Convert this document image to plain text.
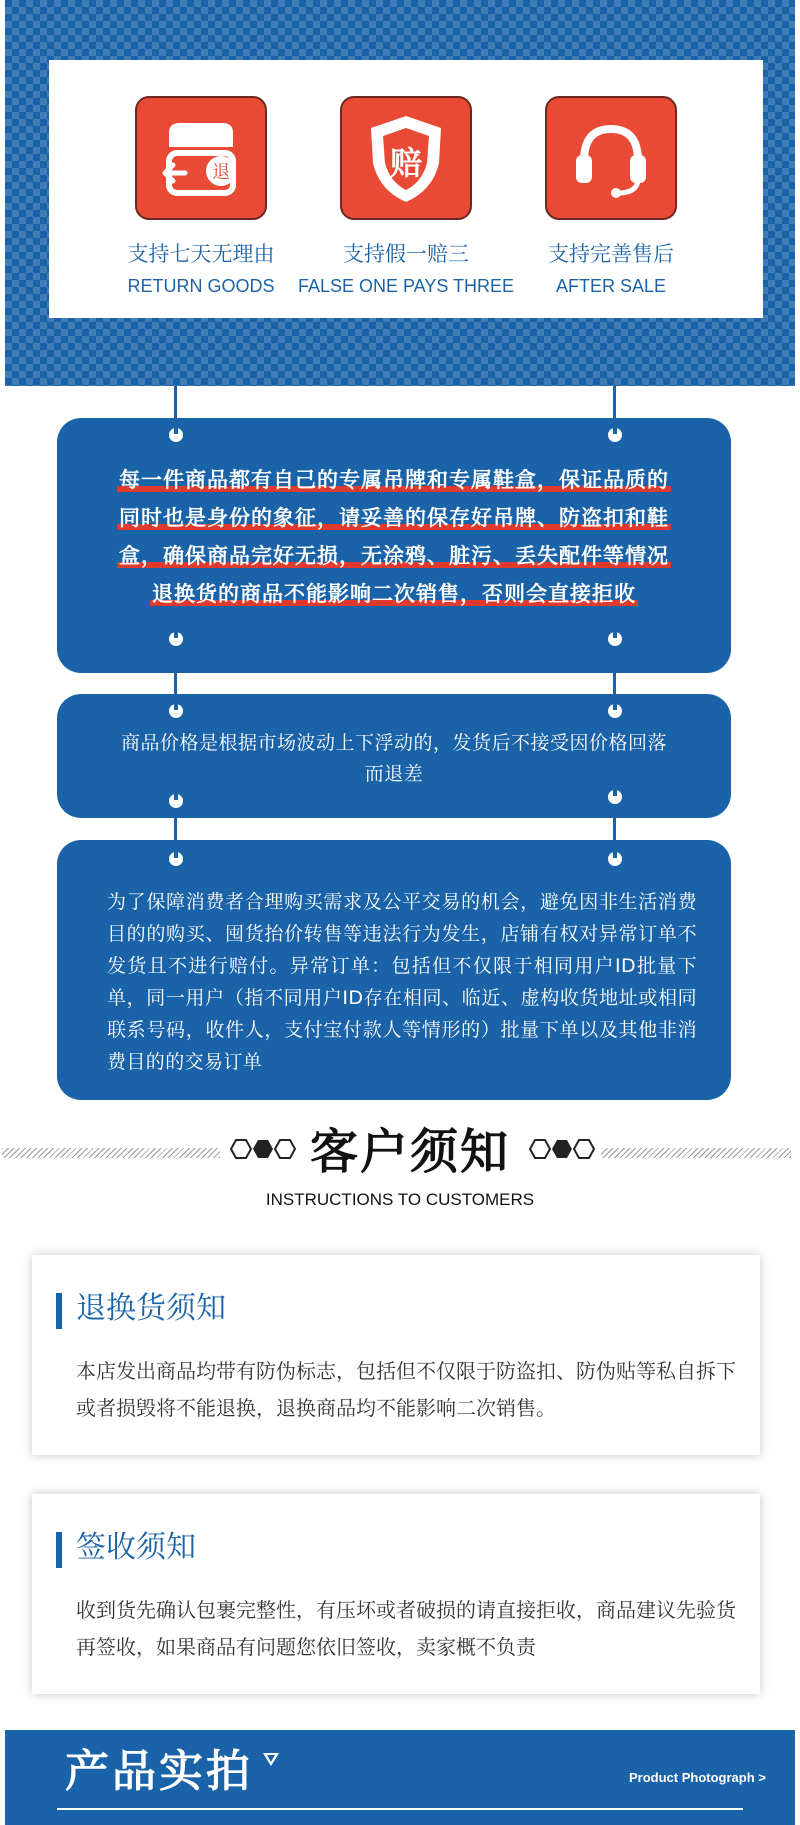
退
支持七天无理由
RETURN GOODS
赔
支持假一赔三
FALSE ONE PAYS THREE
支持完善售后
AFTER SALE
每一件商品都有自己的专属吊牌和专属鞋盒，保证品质的
同时也是身份的象征，请妥善的保存好吊牌、防盗扣和鞋
盒，确保商品完好无损，无涂鸦、脏污、丢失配件等情况
退换货的商品不能影响二次销售，否则会直接拒收
商品价格是根据市场波动上下浮动的，发货后不接受因价格回落而退差
为了保障消费者合理购买需求及公平交易的机会，避免因非生活消费目的的购买、囤货抬价转售等违法行为发生，店铺有权对异常订单不发货且不进行赔付。异常订单：包括但不仅限于相同用户ID批量下单，同一用户（指不同用户ID存在相同、临近、虚构收货地址或相同联系号码，收件人，支付宝付款人等情形的）批量下单以及其他非消费目的的交易订单
客户须知
INSTRUCTIONS TO CUSTOMERS
退换货须知
本店发出商品均带有防伪标志，包括但不仅限于防盗扣、防伪贴等私自拆下或者损毁将不能退换，退换商品均不能影响二次销售。
签收须知
收到货先确认包裹完整性，有压坏或者破损的请直接拒收，商品建议先验货再签收，如果商品有问题您依旧签收，卖家概不负责
产品实拍	Product Photograph >
